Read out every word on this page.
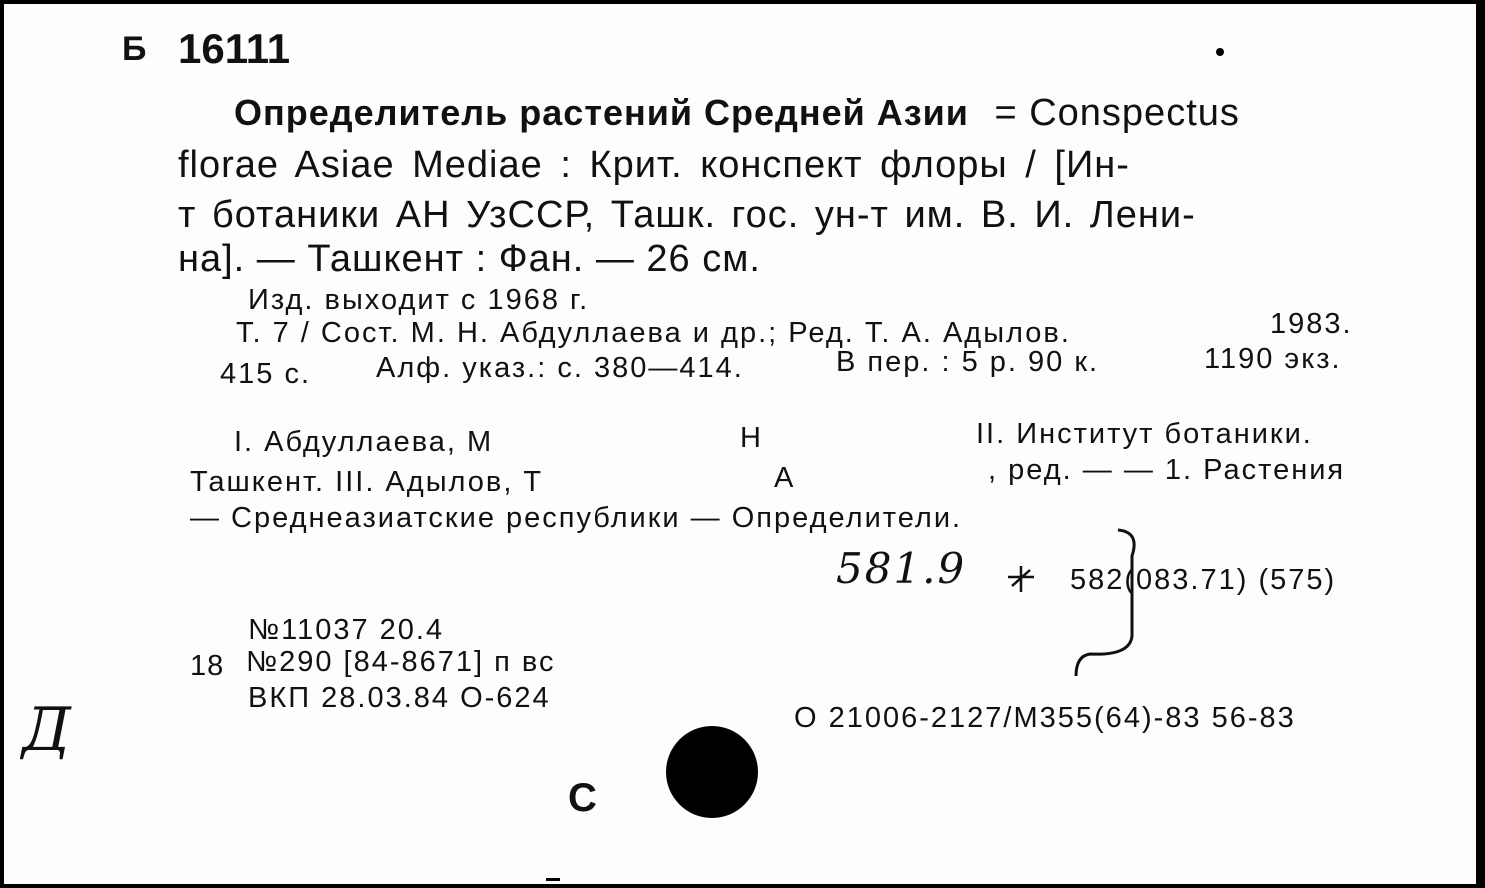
Б 16111
Определитель растений Средней Азии = Conspectus
florae Asiae Mediae : Крит. конспект флоры / [Ин-
т ботаники АН УзССР, Ташк. гос. ун-т им. В. И. Лени-
на]. — Ташкент : Фан. — 26 см.
Изд. выходит с 1968 г.
Т. 7 / Сост. М. Н. Абдуллаева и др.; Ред. Т. А. Адылов.	1983.
415 с. Алф. указ.: с. 380—414.	В пер. : 5 р. 90 к.	1190 экз.
I. Абдуллаева, М	Н	II. Институт ботаники.
Ташкент. III. Адылов, Т	А	, ред. — — 1. Растения
— Среднеазиатские республики — Определители.
581.9	582(083.71) (575)
№11037 20.4
18 №290 [84-8671] п вс
ВКП 28.03.84 О-624
О 21006-2127/М355(64)-83 56-83
С
Д
